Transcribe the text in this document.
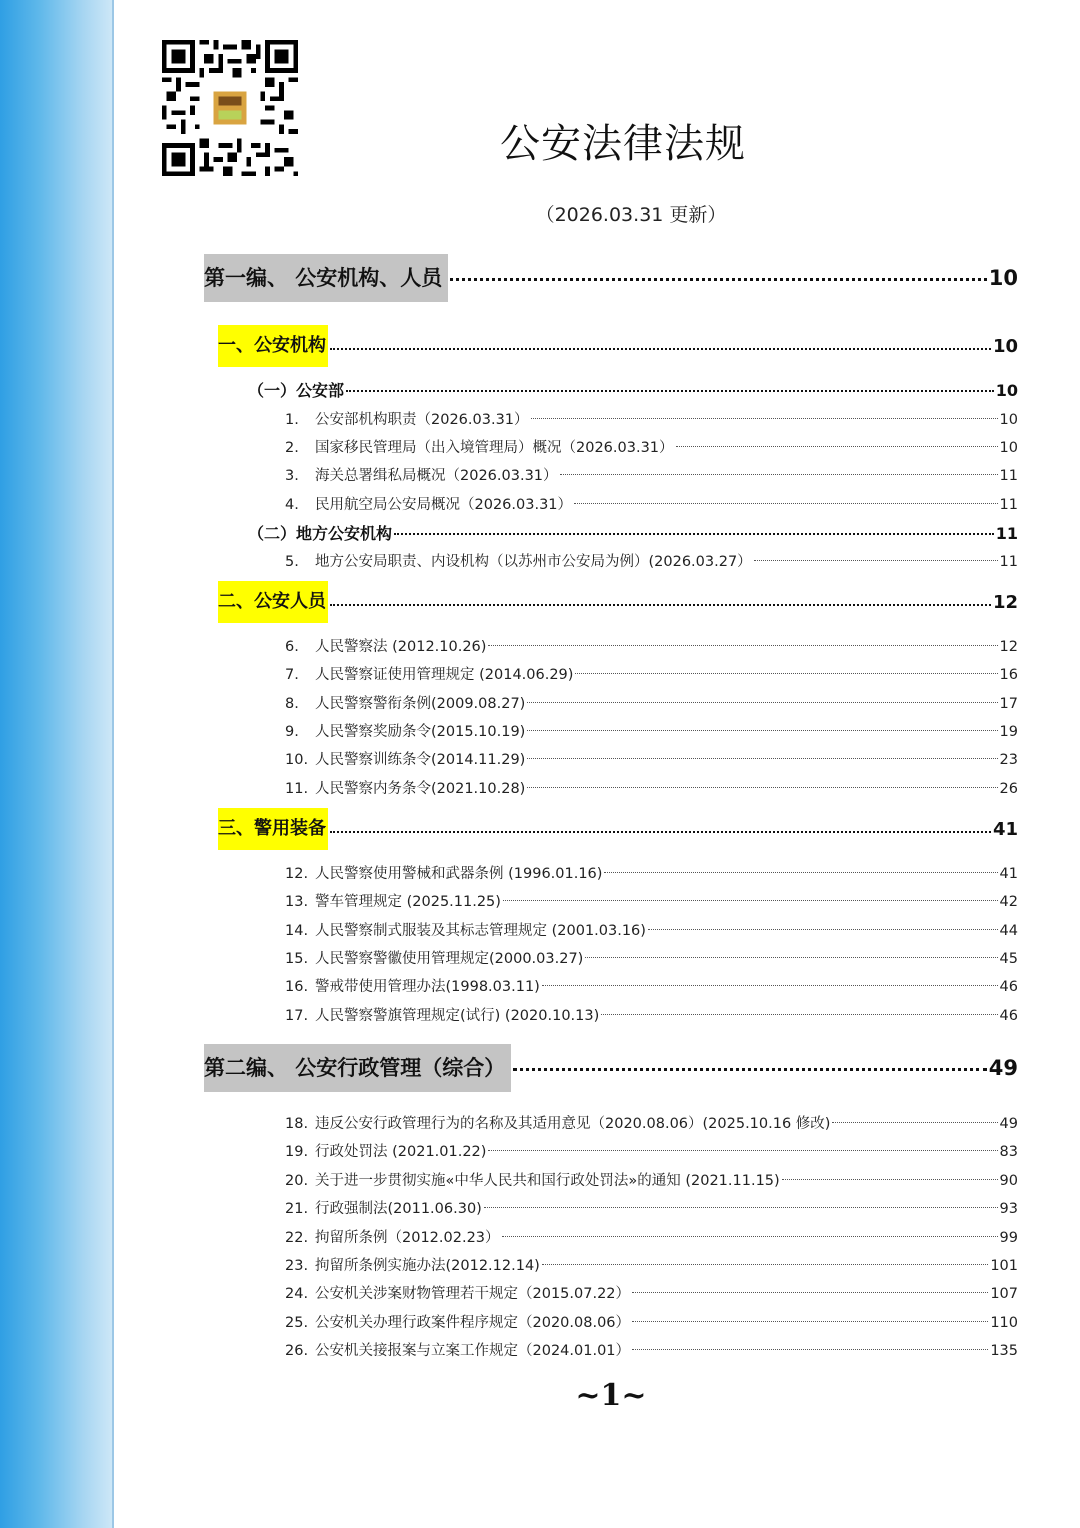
公安法律法规
（2026.03.31 更新）
第一编、 公安机构、人员	10
一、公安机构	10
（一）公安部	10
1. 公安部机构职责（2026.03.31）	10
2. 国家移民管理局（出入境管理局）概况（2026.03.31）	10
3. 海关总署缉私局概况（2026.03.31）	11
4. 民用航空局公安局概况（2026.03.31）	11
（二）地方公安机构	11
5. 地方公安局职责、内设机构（以苏州市公安局为例）(2026.03.27）	11
二、公安人员	12
6. 人民警察法 (2012.10.26)	12
7. 人民警察证使用管理规定 (2014.06.29)	16
8. 人民警察警衔条例(2009.08.27)	17
9. 人民警察奖励条令(2015.10.19)	19
10. 人民警察训练条令(2014.11.29)	23
11. 人民警察内务条令(2021.10.28)	26
三、警用装备	41
12. 人民警察使用警械和武器条例 (1996.01.16)	41
13. 警车管理规定 (2025.11.25)	42
14. 人民警察制式服装及其标志管理规定 (2001.03.16)	44
15. 人民警察警徽使用管理规定(2000.03.27)	45
16. 警戒带使用管理办法(1998.03.11)	46
17. 人民警察警旗管理规定(试行) (2020.10.13)	46
第二编、 公安行政管理（综合）	49
18. 违反公安行政管理行为的名称及其适用意见（2020.08.06）(2025.10.16 修改)	49
19. 行政处罚法 (2021.01.22)	83
20. 关于进一步贯彻实施«中华人民共和国行政处罚法»的通知 (2021.11.15)	90
21. 行政强制法(2011.06.30)	93
22. 拘留所条例（2012.02.23）	99
23. 拘留所条例实施办法(2012.12.14)	101
24. 公安机关涉案财物管理若干规定（2015.07.22）	107
25. 公安机关办理行政案件程序规定（2020.08.06）	110
26. 公安机关接报案与立案工作规定（2024.01.01）	135
~1~
